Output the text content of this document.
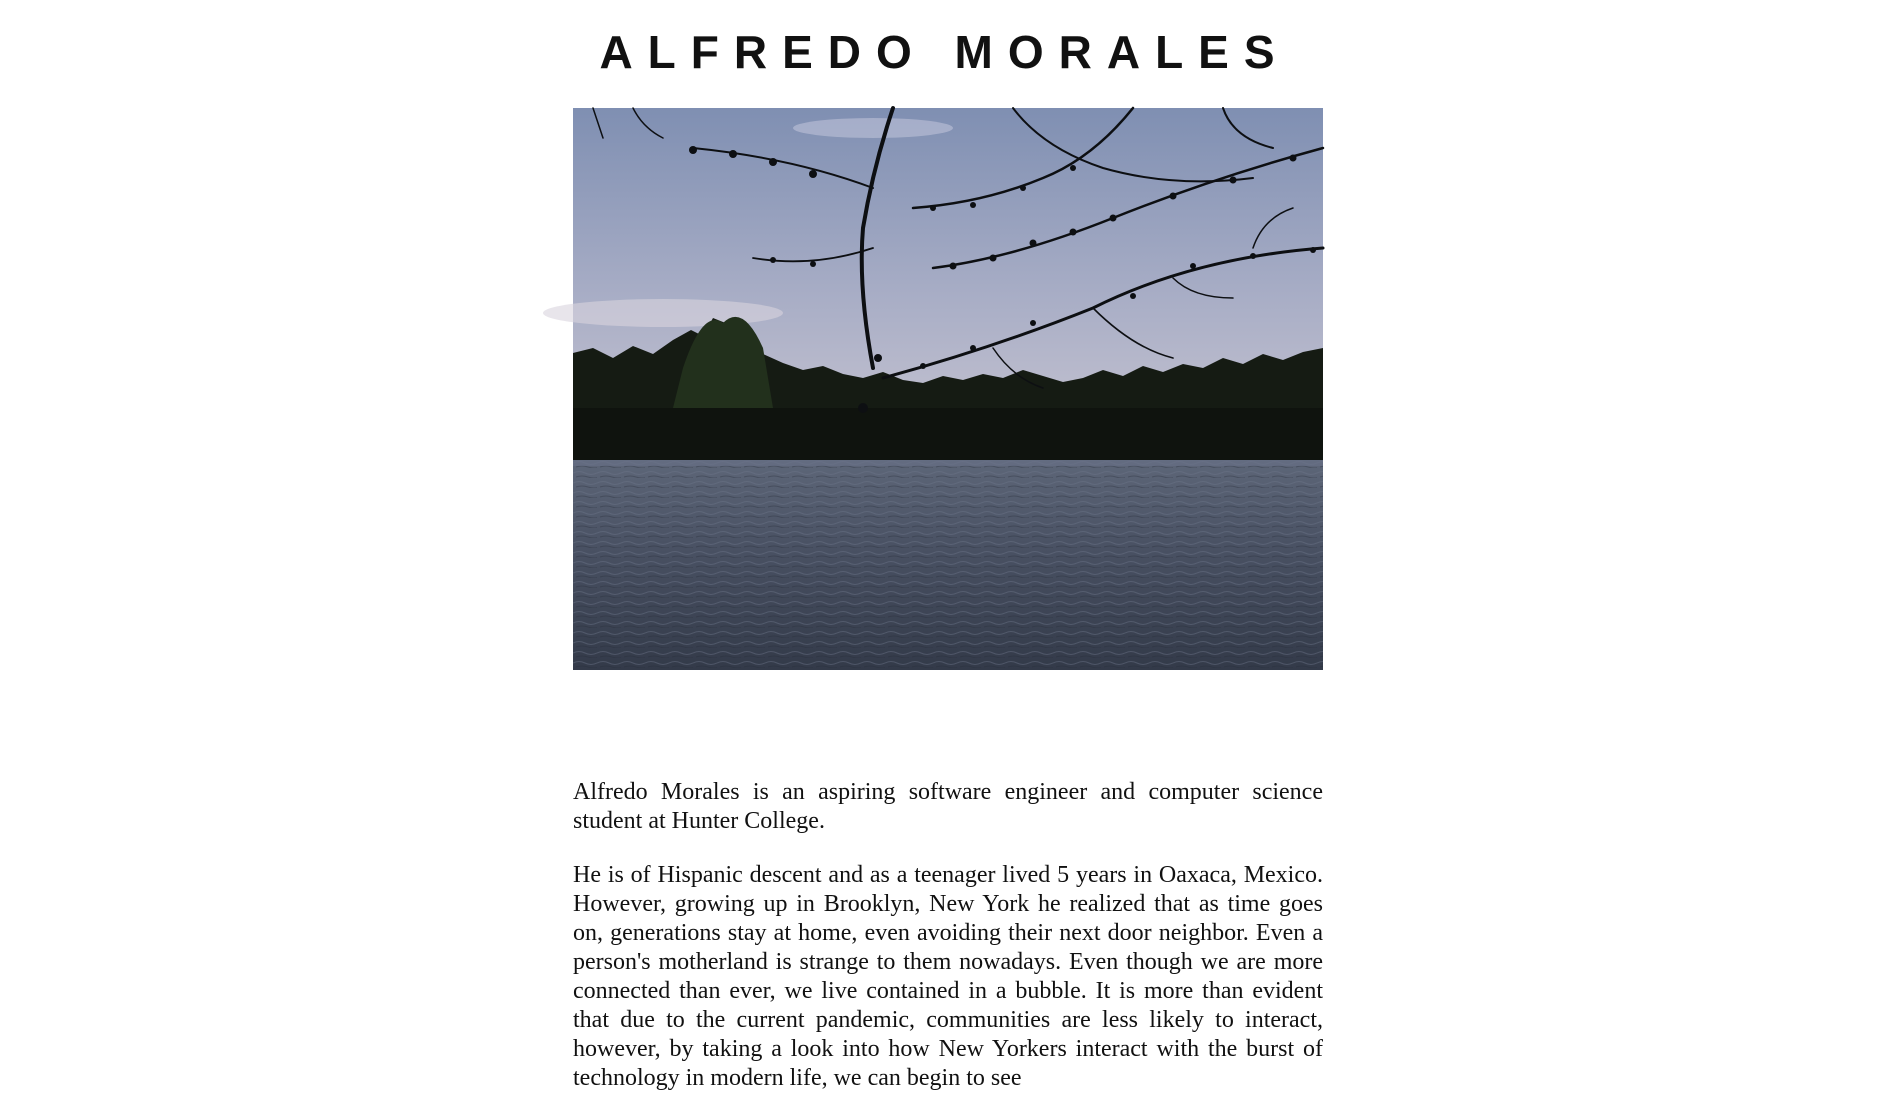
ALFREDO MORALES

Alfredo Morales is an aspiring software engineer and computer science student at Hunter College.

He is of Hispanic descent and as a teenager lived 5 years in Oaxaca, Mexico. However, growing up in Brooklyn, New York he realized that as time goes on, generations stay at home, even avoiding their next door neighbor. Even a person's motherland is strange to them nowadays. Even though we are more connected than ever, we live contained in a bubble. It is more than evident that due to the current pandemic, communities are less likely to interact, however, by taking a look into how New Yorkers interact with the burst of technology in modern life, we can begin to see
